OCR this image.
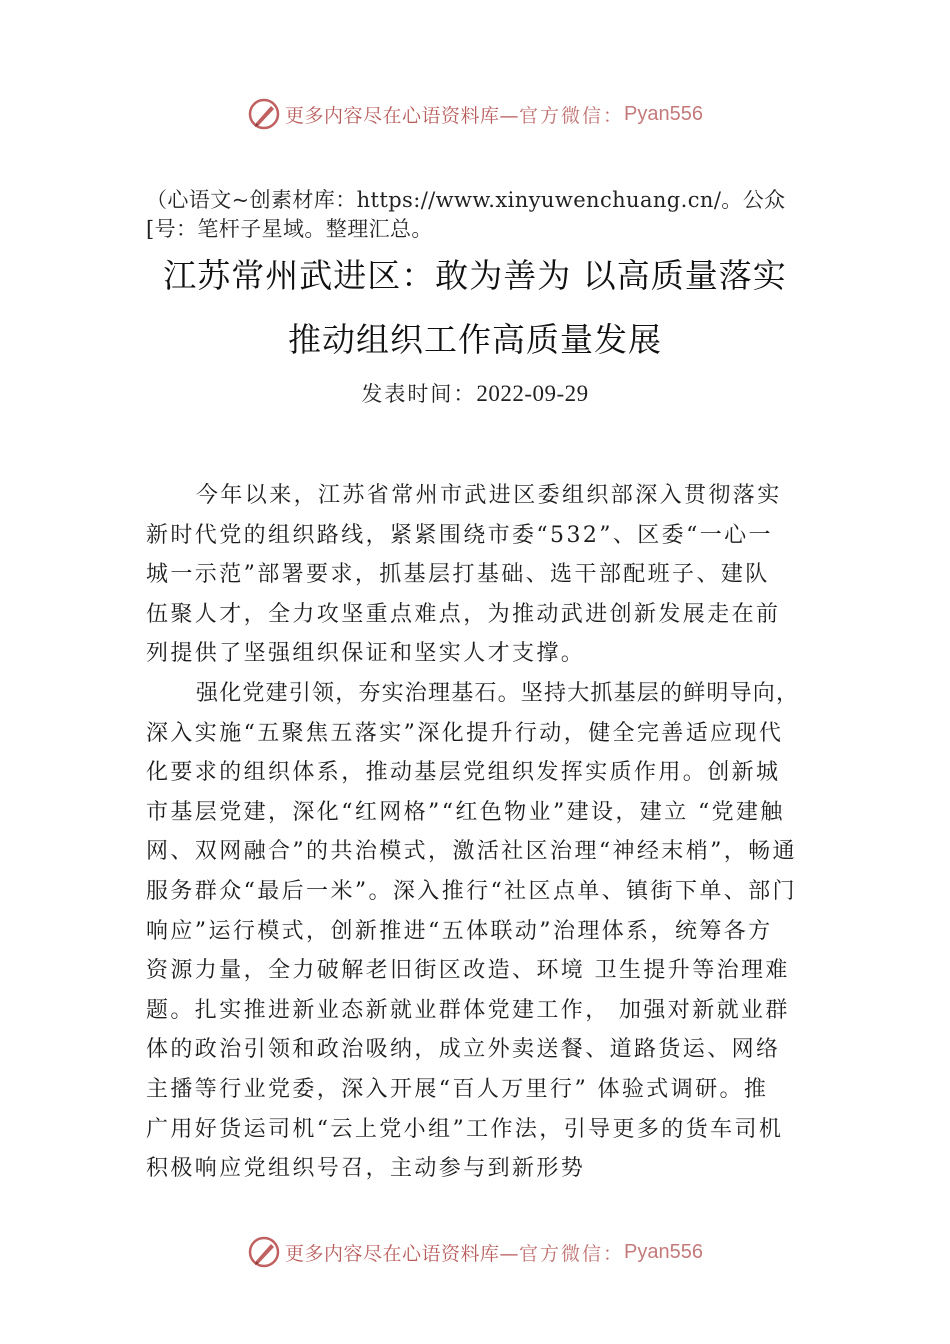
更多内容尽在心语资料库— 官方微信： Pyan556
（心语文~创素材库：https://www.xinyuwenchuang.cn/。公众
[号：笔杆子星域。整理汇总。
江苏常州武进区：敢为善为 以高质量落实
推动组织工作高质量发展
发表时间：2022-09-29
今年以来，江苏省常州市武进区委组织部深入贯彻落实
新时代党的组织路线，紧紧围绕市委“532”、区委“一心一
城一示范”部署要求，抓基层打基础、选干部配班子、建队
伍聚人才，全力攻坚重点难点，为推动武进创新发展走在前
列提供了坚强组织保证和坚实人才支撑。
强化党建引领，夯实治理基石。坚持大抓基层的鲜明导向，
深入实施“五聚焦五落实”深化提升行动，健全完善适应现代
化要求的组织体系，推动基层党组织发挥实质作用。创新城
市基层党建，深化“红网格”“红色物业”建设，建立 “党建触
网、双网融合”的共治模式，激活社区治理“神经末梢”，畅通
服务群众“最后一米”。深入推行“社区点单、镇街下单、部门
响应”运行模式，创新推进“五体联动”治理体系，统筹各方
资源力量，全力破解老旧街区改造、环境 卫生提升等治理难
题。扎实推进新业态新就业群体党建工作， 加强对新就业群
体的政治引领和政治吸纳，成立外卖送餐、道路货运、网络
主播等行业党委，深入开展“百人万里行” 体验式调研。推
广用好货运司机“云上党小组”工作法，引导更多的货车司机
积极响应党组织号召，主动参与到新形势
更多内容尽在心语资料库— 官方微信： Pyan556
